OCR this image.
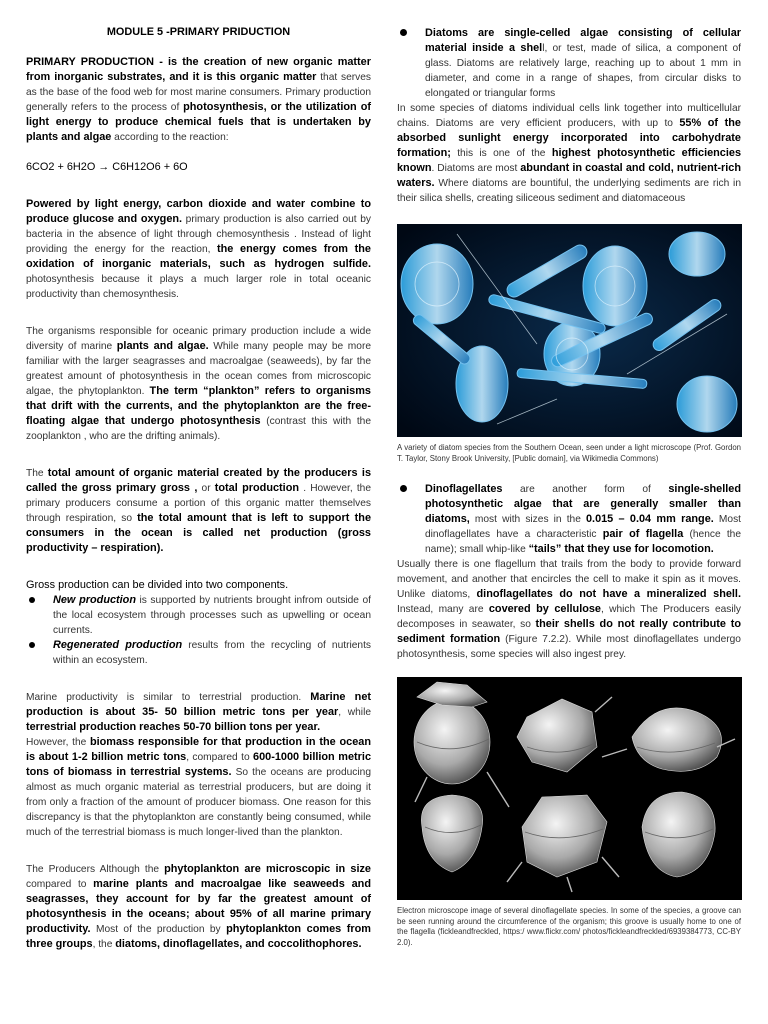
MODULE 5 -PRIMARY PRIDUCTION

PRIMARY PRODUCTION - is the creation of new organic matter from inorganic substrates, and it is this organic matter that serves as the base of the food web for most marine consumers. Primary production generally refers to the process of photosynthesis, or the utilization of light energy to produce chemical fuels that is undertaken by plants and algae according to the reaction:

6CO2 + 6H2O → C6H12O6 + 6O

Powered by light energy, carbon dioxide and water combine to produce glucose and oxygen. primary production is also carried out by bacteria in the absence of light through chemosynthesis . Instead of light providing the energy for the reaction, the energy comes from the oxidation of inorganic materials, such as hydrogen sulfide. photosynthesis because it plays a much larger role in total oceanic productivity than chemosynthesis.

The organisms responsible for oceanic primary production include a wide diversity of marine plants and algae. While many people may be more familiar with the larger seagrasses and macroalgae (seaweeds), by far the greatest amount of photosynthesis in the ocean comes from microscopic algae, the phytoplankton. The term “plankton” refers to organisms that drift with the currents, and the phytoplankton are the free-floating algae that undergo photosynthesis (contrast this with the zooplankton , who are the drifting animals).

The total amount of organic material created by the producers is called the gross primary gross , or total production . However, the primary producers consume a portion of this organic matter themselves through respiration, so the total amount that is left to support the consumers in the ocean is called net production (gross productivity – respiration).

Gross production can be divided into two components.

New production is supported by nutrients brought infrom outside of the local ecosystem through processes such as upwelling or ocean currents.

Regenerated production results from the recycling of nutrients within an ecosystem.

Marine productivity is similar to terrestrial production. Marine net production is about 35- 50 billion metric tons per year, while terrestrial production reaches 50-70 billion tons per year.
However, the biomass responsible for that production in the ocean is about 1-2 billion metric tons, compared to 600-1000 billion metric tons of biomass in terrestrial systems. So the oceans are producing almost as much organic material as terrestrial producers, but are doing it from only a fraction of the amount of producer biomass. One reason for this discrepancy is that the phytoplankton are constantly being consumed, while much of the terrestrial biomass is much longer-lived than the plankton.

The Producers Although the phytoplankton are microscopic in size compared to marine plants and macroalgae like seaweeds and seagrasses, they account for by far the greatest amount of photosynthesis in the oceans; about 95% of all marine primary productivity. Most of the production by phytoplankton comes from three groups, the diatoms, dinoflagellates, and coccolithophores.

Diatoms are single-celled algae consisting of cellular material inside a shell, or test, made of silica, a component of glass. Diatoms are relatively large, reaching up to about 1 mm in diameter, and come in a range of shapes, from circular disks to elongated or triangular forms

In some species of diatoms individual cells link together into multicellular chains. Diatoms are very efficient producers, with up to 55% of the absorbed sunlight energy incorporated into carbohydrate formation; this is one of the highest photosynthetic efficiencies known. Diatoms are most abundant in coastal and cold, nutrient-rich waters. Where diatoms are bountiful, the underlying sediments are rich in their silica shells, creating siliceous sediment and diatomaceous

A variety of diatom species from the Southern Ocean, seen under a light microscope (Prof. Gordon T. Taylor, Stony Brook University, [Public domain], via Wikimedia Commons)

Dinoflagellates are another form of single-shelled photosynthetic algae that are generally smaller than diatoms, most with sizes in the 0.015 – 0.04 mm range. Most dinoflagellates have a characteristic pair of flagella (hence the name); small whip-like “tails” that they use for locomotion.

Usually there is one flagellum that trails from the body to provide forward movement, and another that encircles the cell to make it spin as it moves. Unlike diatoms, dinoflagellates do not have a mineralized shell. Instead, many are covered by cellulose, which The Producers easily decomposes in seawater, so their shells do not really contribute to sediment formation (Figure 7.2.2). While most dinoflagellates undergo photosynthesis, some species will also ingest prey.

Electron microscope image of several dinoflagellate species. In some of the species, a groove can be seen running around the circumference of the organism; this groove is usually home to one of the flagella (fickleandfreckled, https:/ www.flickr.com/ photos/fickleandfreckled/6939384773, CC-BY 2.0).
